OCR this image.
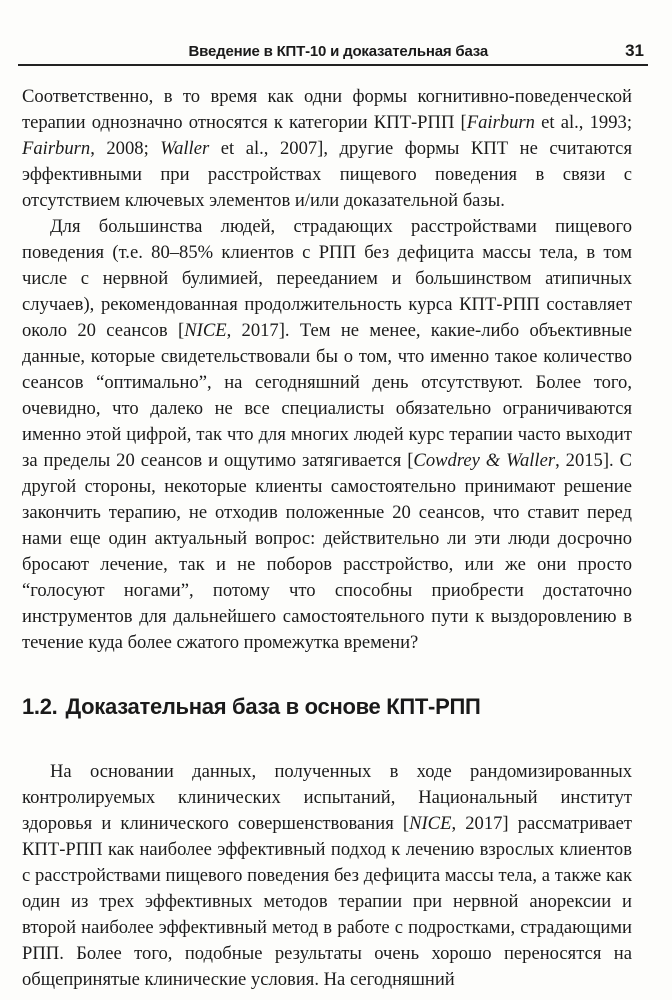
Введение в КПТ-10 и доказательная база	31

Соответственно, в то время как одни формы когнитивно-поведенческой терапии однозначно относятся к категории КПТ-РПП [Fairburn et al., 1993; Fairburn, 2008; Waller et al., 2007], другие формы КПТ не считаются эффективными при расстройствах пищевого поведения в связи с отсутствием ключевых элементов и/или доказательной базы.

Для большинства людей, страдающих расстройствами пищевого поведения (т.е. 80–85% клиентов с РПП без дефицита массы тела, в том числе с нервной булимией, перееданием и большинством атипичных случаев), рекомендованная продолжительность курса КПТ-РПП составляет около 20 сеансов [NICE, 2017]. Тем не менее, какие-либо объективные данные, которые свидетельствовали бы о том, что именно такое количество сеансов “оптимально”, на сегодняшний день отсутствуют. Более того, очевидно, что далеко не все специалисты обязательно ограничиваются именно этой цифрой, так что для многих людей курс терапии часто выходит за пределы 20 сеансов и ощутимо затягивается [Cowdrey & Waller, 2015]. С другой стороны, некоторые клиенты самостоятельно принимают решение закончить терапию, не отходив положенные 20 сеансов, что ставит перед нами еще один актуальный вопрос: действительно ли эти люди досрочно бросают лечение, так и не поборов расстройство, или же они просто “голосуют ногами”, потому что способны приобрести достаточно инструментов для дальнейшего самостоятельного пути к выздоровлению в течение куда более сжатого промежутка времени?

1.2. Доказательная база в основе КПТ-РПП

На основании данных, полученных в ходе рандомизированных контролируемых клинических испытаний, Национальный институт здоровья и клинического совершенствования [NICE, 2017] рассматривает КПТ-РПП как наиболее эффективный подход к лечению взрослых клиентов с расстройствами пищевого поведения без дефицита массы тела, а также как один из трех эффективных методов терапии при нервной анорексии и второй наиболее эффективный метод в работе с подростками, страдающими РПП. Более того, подобные результаты очень хорошо переносятся на общепринятые клинические условия. На сегодняшний
